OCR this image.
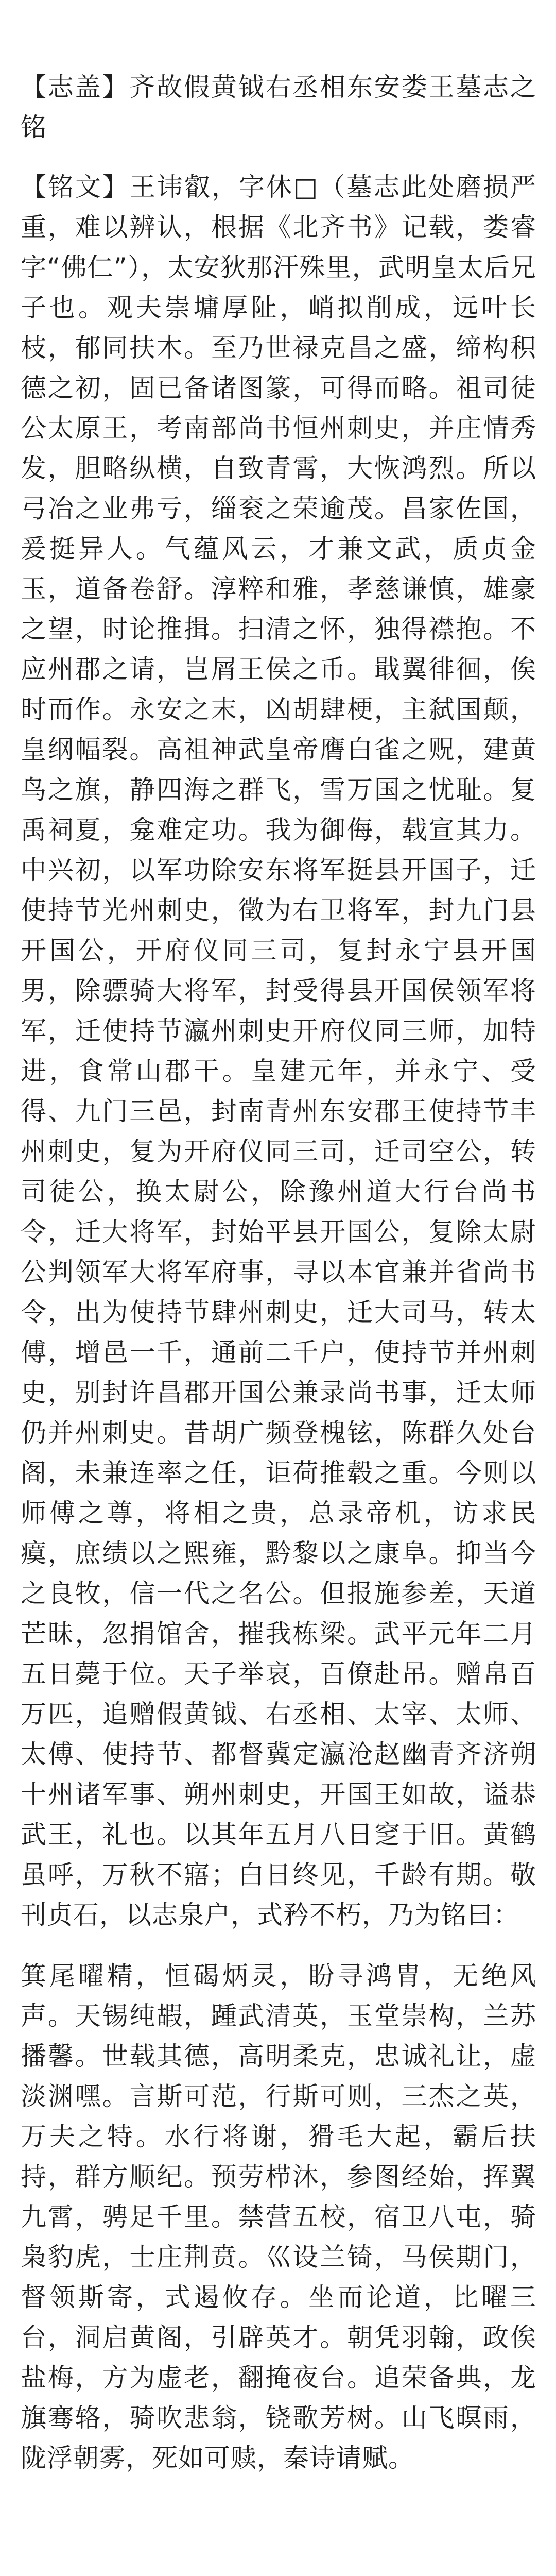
【志盖】齐故假黄钺右丞相东安娄王墓志之铭

【铭文】王讳叡，字休□（墓志此处磨损严重，难以辨认，根据《北齐书》记载，娄睿字“佛仁”），太安狄那汗殊里，武明皇太后兄子也。观夫崇墉厚阯，峭拟削成，远叶长枝，郁同扶木。至乃世禄克昌之盛，缔构积德之初，固已备诸图篆，可得而略。祖司徒公太原王，考南部尚书恒州刺史，并庄情秀发，胆略纵横，自致青霄，大恢鸿烈。所以弓冶之业弗亏，缁衮之荣逾茂。昌家佐国，爰挺异人。气蕴风云，才兼文武，质贞金玉，道备卷舒。淳粹和雅，孝慈谦慎，雄豪之望，时论推揖。扫清之怀，独得襟抱。不应州郡之请，岂屑王侯之币。戢翼徘徊，俟时而作。永安之末，凶胡肆梗，主弑国颠，皇纲幅裂。高祖神武皇帝膺白雀之贶，建黄鸟之旗，静四海之群飞，雪万国之忧耻。复禹祠夏，龛难定功。我为御侮，载宣其力。中兴初，以军功除安东将军挺县开国子，迁使持节光州刺史，徵为右卫将军，封九门县开国公，开府仪同三司，复封永宁县开国男，除骠骑大将军，封受得县开国侯领军将军，迁使持节瀛州刺史开府仪同三师，加特进，食常山郡干。皇建元年，并永宁、受得、九门三邑，封南青州东安郡王使持节丰州刺史，复为开府仪同三司，迁司空公，转司徒公，换太尉公，除豫州道大行台尚书令，迁大将军，封始平县开国公，复除太尉公判领军大将军府事，寻以本官兼并省尚书令，出为使持节肆州刺史，迁大司马，转太傅，增邑一千，通前二千户，使持节并州刺史，别封许昌郡开国公兼录尚书事，迁太师仍并州刺史。昔胡广频登槐铉，陈群久处台阁，未兼连率之任，讵荷推毂之重。今则以师傅之尊，将相之贵，总录帝机，访求民瘼，庶绩以之熙雍，黔黎以之康阜。抑当今之良牧，信一代之名公。但报施参差，天道芒昧，忽捐馆舍，摧我栋梁。武平元年二月五日薨于位。天子举哀，百僚赴吊。赠帛百万匹，追赠假黄钺、右丞相、太宰、太师、太傅、使持节、都督冀定瀛沧赵幽青齐济朔十州诸军事、朔州刺史，开国王如故，谥恭武王，礼也。以其年五月八日窆于旧。黄鹤虽呼，万秋不寤；白日终见，千龄有期。敬刊贞石，以志泉户，式矜不朽，乃为铭曰：

箕尾曜精，恒碣炳灵，盼寻鸿胄，无绝风声。天锡纯嘏，踵武清英，玉堂崇构，兰苏播馨。世载其德，高明柔克，忠诚礼让，虚淡渊嘿。言斯可范，行斯可则，三杰之英，万夫之特。水行将谢，猾毛大起，霸后扶持，群方顺纪。预劳栉沐，参图经始，挥翼九霄，骋足千里。禁营五校，宿卫八屯，骑枭豹虎，士庄荆贲。巛设兰锜，马侯期门，督领斯寄，式遏攸存。坐而论道，比曜三台，洞启黄阁，引辟英才。朝凭羽翰，政俟盐梅，方为虚老，翻掩夜台。追荣备典，龙旗骞辂，骑吹悲翁，铙歌芳树。山飞暝雨，陇浮朝雾，死如可赎，秦诗请赋。
